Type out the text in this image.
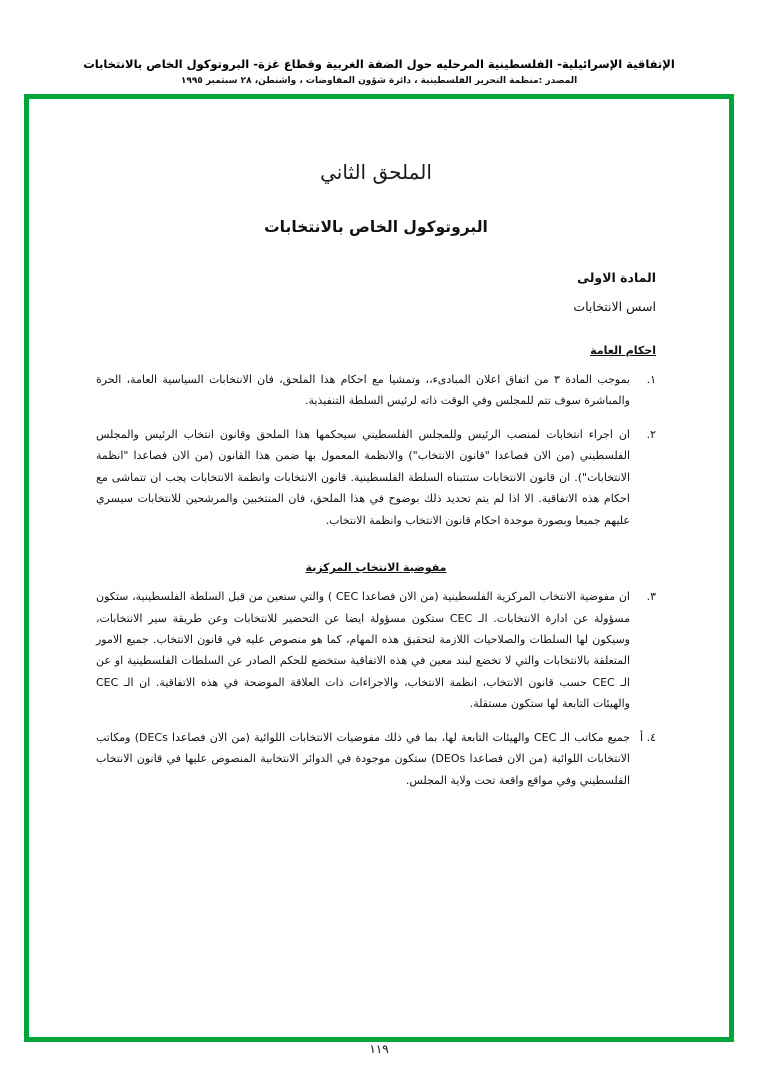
الإتفاقية الإسرائيلية- الفلسطينية المرحليه حول الضفة الغربية وقطاع غزة- البروتوكول الخاص بالانتخابات
المصدر :منظمة التحرير الفلسطينية ، دائرة شؤون المفاوضات ، واشنطن، ٢٨ سبتمبر ١٩٩٥
الملحق الثاني
البروتوكول الخاص بالانتخابات
المادة الاولى
اسس الانتخابات
احكام العامة
١.
بموجب المادة ٣ من اتفاق اعلان المبادىء،، وتمشيا مع احكام هذا الملحق، فان الانتخابات السياسية العامة، الحرة والمباشرة سوف تتم للمجلس وفي الوقت ذاته لرئيس السلطة التنفيذية.
٢.
ان اجراء انتخابات لمنصب الرئيس وللمجلس الفلسطيني سيحكمها هذا الملحق وقانون انتخاب الرئيس والمجلس الفلسطيني (من الان فصاعدا "قانون الانتخاب") والانظمة المعمول بها ضمن هذا القانون (من الان فصاعدا "انظمة الانتخابات"). ان قانون الانتخابات ستتبناه السلطة الفلسطينية. قانون الانتخابات وانظمة الانتخابات يجب ان تتماشى مع احكام هذه الاتفاقية. الا اذا لم يتم تحديد ذلك بوضوح في هذا الملحق، فان المنتخبين والمرشحين للانتخابات سيسري عليهم جميعا وبصورة موحدة احكام قانون الانتخاب وانظمة الانتخاب.
مفوضية الانتخاب المركزية
٣.
ان مفوضية الانتخاب المركزية الفلسطينية (من الان فصاعدا CEC ) والتي ستعين من قبل السلطة الفلسطينية، ستكون مسؤولة عن ادارة الانتخابات. الـ CEC ستكون مسؤولة ايضا عن التحضير للانتخابات وعن طريقة سير الانتخابات، وسيكون لها السلطات والصلاحيات اللازمة لتحقيق هذه المهام، كما هو منصوص عليه في قانون الانتخاب. جميع الامور المتعلقة بالانتخابات والتي لا تخضع لبند معين في هذه الاتفاقية ستخضع للحكم الصادر عن السلطات الفلسطينية او عن الـ CEC حسب قانون الانتخاب، انظمة الانتخاب، والاجراءات ذات العلاقة الموضحة في هذه الاتفاقية. ان الـ CEC والهيئات التابعة لها ستكون مستقلة.
٤. أ
جميع مكاتب الـ CEC والهيئات التابعة لها، بما في ذلك مفوضيات الانتخابات اللوائية (من الان فصاعدا DECs) ومكاتب الانتخابات اللوائية (من الان فصاعدا DEOs) ستكون موجودة في الدوائر الانتخابية المنصوص عليها في قانون الانتخاب الفلسطيني وفي مواقع واقعة تحت ولاية المجلس.
١١٩
